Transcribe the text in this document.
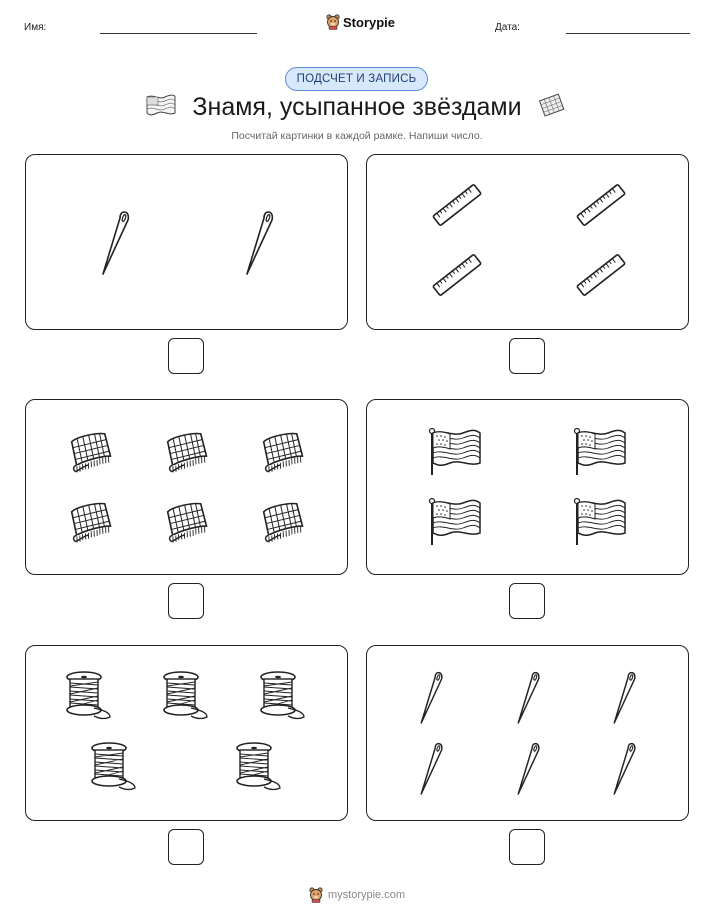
Имя:	Storypie	Дата:
ПОДСЧЕТ И ЗАПИСЬ
Знамя, усыпанное звёздами
Посчитай картинки в каждой рамке. Напиши число.
mystorypie.com
